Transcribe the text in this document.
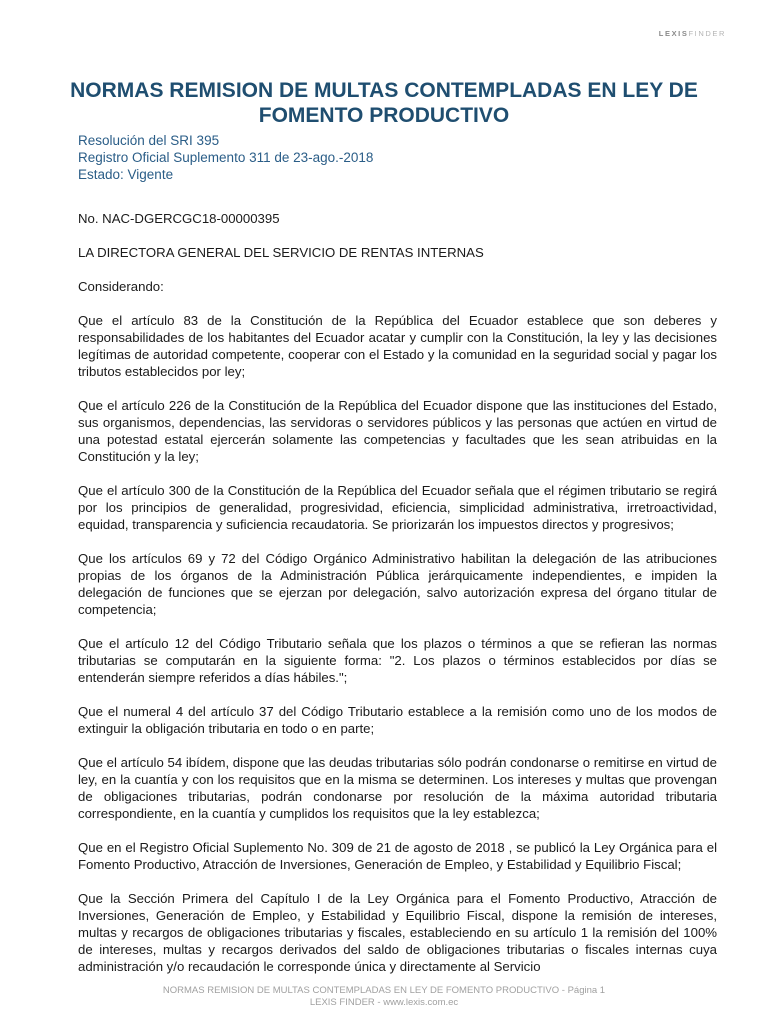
LEXISFINDER
NORMAS REMISION DE MULTAS CONTEMPLADAS EN LEY DE FOMENTO PRODUCTIVO
Resolución del SRI 395
Registro Oficial Suplemento 311 de 23-ago.-2018
Estado: Vigente

No. NAC-DGERCGC18-00000395

LA DIRECTORA GENERAL DEL SERVICIO DE RENTAS INTERNAS

Considerando:

Que el artículo 83 de la Constitución de la República del Ecuador establece que son deberes y responsabilidades de los habitantes del Ecuador acatar y cumplir con la Constitución, la ley y las decisiones legítimas de autoridad competente, cooperar con el Estado y la comunidad en la seguridad social y pagar los tributos establecidos por ley;

Que el artículo 226 de la Constitución de la República del Ecuador dispone que las instituciones del Estado, sus organismos, dependencias, las servidoras o servidores públicos y las personas que actúen en virtud de una potestad estatal ejercerán solamente las competencias y facultades que les sean atribuidas en la Constitución y la ley;

Que el artículo 300 de la Constitución de la República del Ecuador señala que el régimen tributario se regirá por los principios de generalidad, progresividad, eficiencia, simplicidad administrativa, irretroactividad, equidad, transparencia y suficiencia recaudatoria. Se priorizarán los impuestos directos y progresivos;

Que los artículos 69 y 72 del Código Orgánico Administrativo habilitan la delegación de las atribuciones propias de los órganos de la Administración Pública jerárquicamente independientes, e impiden la delegación de funciones que se ejerzan por delegación, salvo autorización expresa del órgano titular de competencia;

Que el artículo 12 del Código Tributario señala que los plazos o términos a que se refieran las normas tributarias se computarán en la siguiente forma: "2. Los plazos o términos establecidos por días se entenderán siempre referidos a días hábiles.";

Que el numeral 4 del artículo 37 del Código Tributario establece a la remisión como uno de los modos de extinguir la obligación tributaria en todo o en parte;

Que el artículo 54 ibídem, dispone que las deudas tributarias sólo podrán condonarse o remitirse en virtud de ley, en la cuantía y con los requisitos que en la misma se determinen. Los intereses y multas que provengan de obligaciones tributarias, podrán condonarse por resolución de la máxima autoridad tributaria correspondiente, en la cuantía y cumplidos los requisitos que la ley establezca;

Que en el Registro Oficial Suplemento No. 309 de 21 de agosto de 2018 , se publicó la Ley Orgánica para el Fomento Productivo, Atracción de Inversiones, Generación de Empleo, y Estabilidad y Equilibrio Fiscal;

Que la Sección Primera del Capítulo I de la Ley Orgánica para el Fomento Productivo, Atracción de Inversiones, Generación de Empleo, y Estabilidad y Equilibrio Fiscal, dispone la remisión de intereses, multas y recargos de obligaciones tributarias y fiscales, estableciendo en su artículo 1 la remisión del 100% de intereses, multas y recargos derivados del saldo de obligaciones tributarias o fiscales internas cuya administración y/o recaudación le corresponde única y directamente al Servicio

NORMAS REMISION DE MULTAS CONTEMPLADAS EN LEY DE FOMENTO PRODUCTIVO - Página 1
LEXIS FINDER - www.lexis.com.ec
